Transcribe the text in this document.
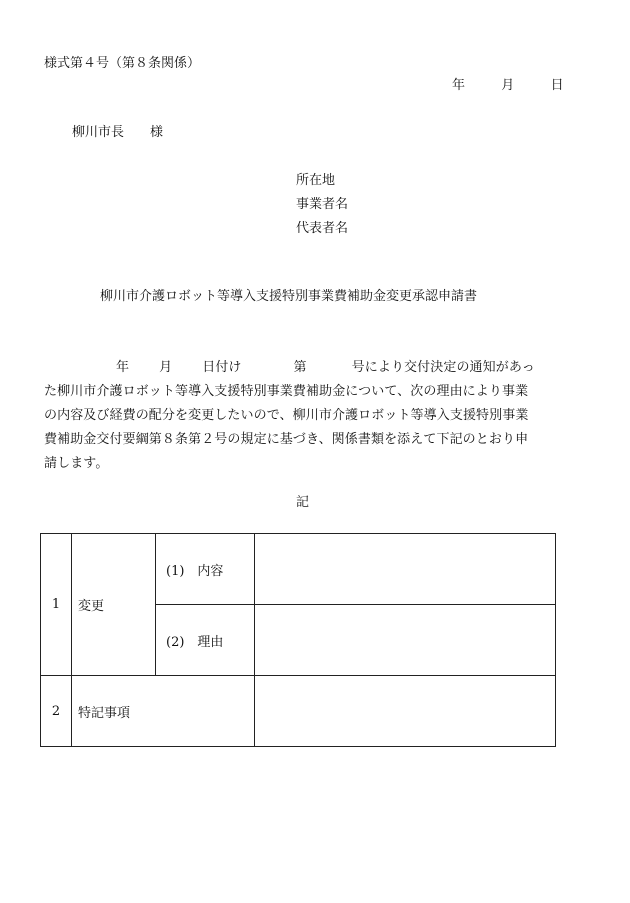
様式第４号（第８条関係）
年	月	日
柳川市長 様
所在地
事業者名
代表者名
柳川市介護ロボット等導入支援特別事業費補助金変更承認申請書
年 月 日付け	第	号により交付決定の通知があっ
た柳川市介護ロボット等導入支援特別事業費補助金について、次の理由により事業
の内容及び経費の配分を変更したいので、柳川市介護ロボット等導入支援特別事業
費補助金交付要綱第８条第２号の規定に基づき、関係書類を添えて下記のとおり申
請します。
記
1	変更	(1)　内容	
		(2)　理由	
2	特記事項		
